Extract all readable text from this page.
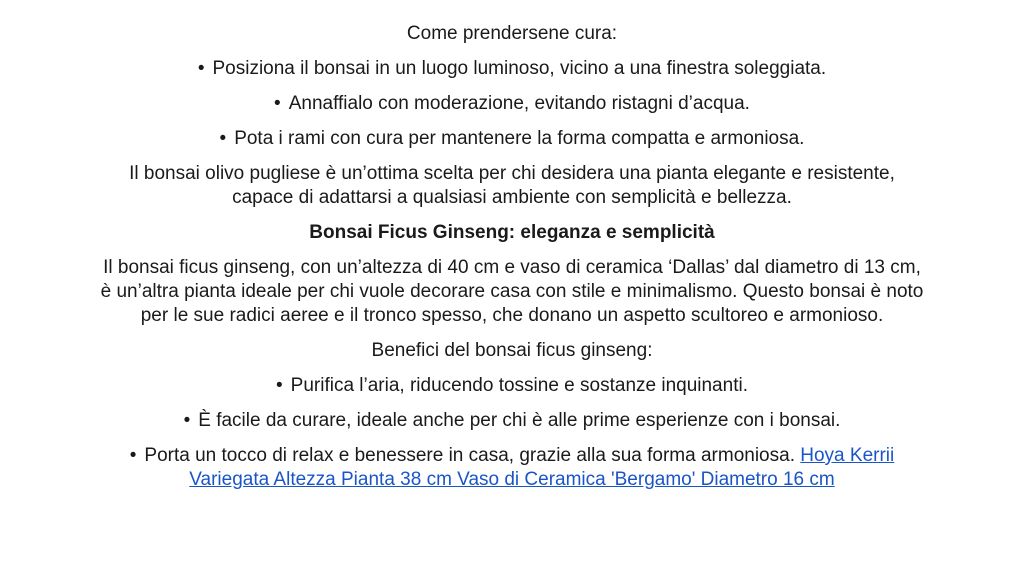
Come prendersene cura:

• Posiziona il bonsai in un luogo luminoso, vicino a una finestra soleggiata.

• Annaffialo con moderazione, evitando ristagni d’acqua.

• Pota i rami con cura per mantenere la forma compatta e armoniosa.

Il bonsai olivo pugliese è un’ottima scelta per chi desidera una pianta elegante e resistente, capace di adattarsi a qualsiasi ambiente con semplicità e bellezza.

Bonsai Ficus Ginseng: eleganza e semplicità

Il bonsai ficus ginseng, con un’altezza di 40 cm e vaso di ceramica ‘Dallas’ dal diametro di 13 cm, è un’altra pianta ideale per chi vuole decorare casa con stile e minimalismo. Questo bonsai è noto per le sue radici aeree e il tronco spesso, che donano un aspetto scultoreo e armonioso.

Benefici del bonsai ficus ginseng:

• Purifica l’aria, riducendo tossine e sostanze inquinanti.

• È facile da curare, ideale anche per chi è alle prime esperienze con i bonsai.

• Porta un tocco di relax e benessere in casa, grazie alla sua forma armoniosa. Hoya Kerrii Variegata Altezza Pianta 38 cm Vaso di Ceramica 'Bergamo' Diametro 16 cm
